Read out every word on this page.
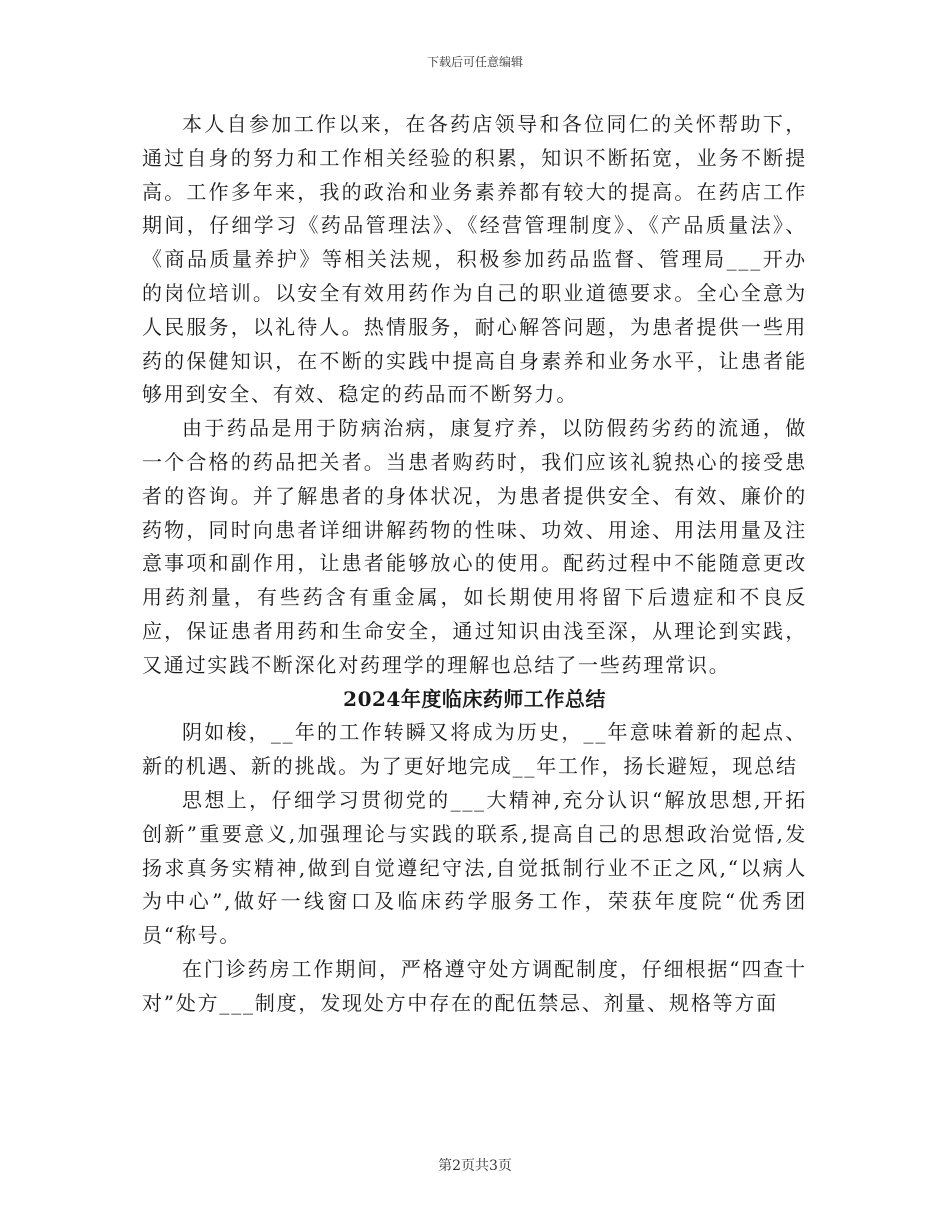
下载后可任意编辑

本人自参加工作以来，在各药店领导和各位同仁的关怀帮助下，通过自身的努力和工作相关经验的积累，知识不断拓宽，业务不断提高。工作多年来，我的政治和业务素养都有较大的提高。在药店工作期间，仔细学习《药品管理法》、《经营管理制度》、《产品质量法》、《商品质量养护》等相关法规，积极参加药品监督、管理局___开办的岗位培训。以安全有效用药作为自己的职业道德要求。全心全意为人民服务，以礼待人。热情服务，耐心解答问题，为患者提供一些用药的保健知识，在不断的实践中提高自身素养和业务水平，让患者能够用到安全、有效、稳定的药品而不断努力。

由于药品是用于防病治病，康复疗养，以防假药劣药的流通，做一个合格的药品把关者。当患者购药时，我们应该礼貌热心的接受患者的咨询。并了解患者的身体状况，为患者提供安全、有效、廉价的药物，同时向患者详细讲解药物的性味、功效、用途、用法用量及注意事项和副作用，让患者能够放心的使用。配药过程中不能随意更改用药剂量，有些药含有重金属，如长期使用将留下后遗症和不良反应，保证患者用药和生命安全，通过知识由浅至深，从理论到实践，又通过实践不断深化对药理学的理解也总结了一些药理常识。

2024年度临床药师工作总结

阴如梭，__年的工作转瞬又将成为历史，__年意味着新的起点、新的机遇、新的挑战。为了更好地完成__年工作，扬长避短，现总结

思想上，仔细学习贯彻党的___大精神,充分认识“解放思想,开拓创新”重要意义,加强理论与实践的联系,提高自己的思想政治觉悟,发扬求真务实精神,做到自觉遵纪守法,自觉抵制行业不正之风,“以病人为中心”,做好一线窗口及临床药学服务工作，荣获年度院“优秀团员“称号。

在门诊药房工作期间，严格遵守处方调配制度，仔细根据“四查十对”处方___制度，发现处方中存在的配伍禁忌、剂量、规格等方面

第2页共3页
